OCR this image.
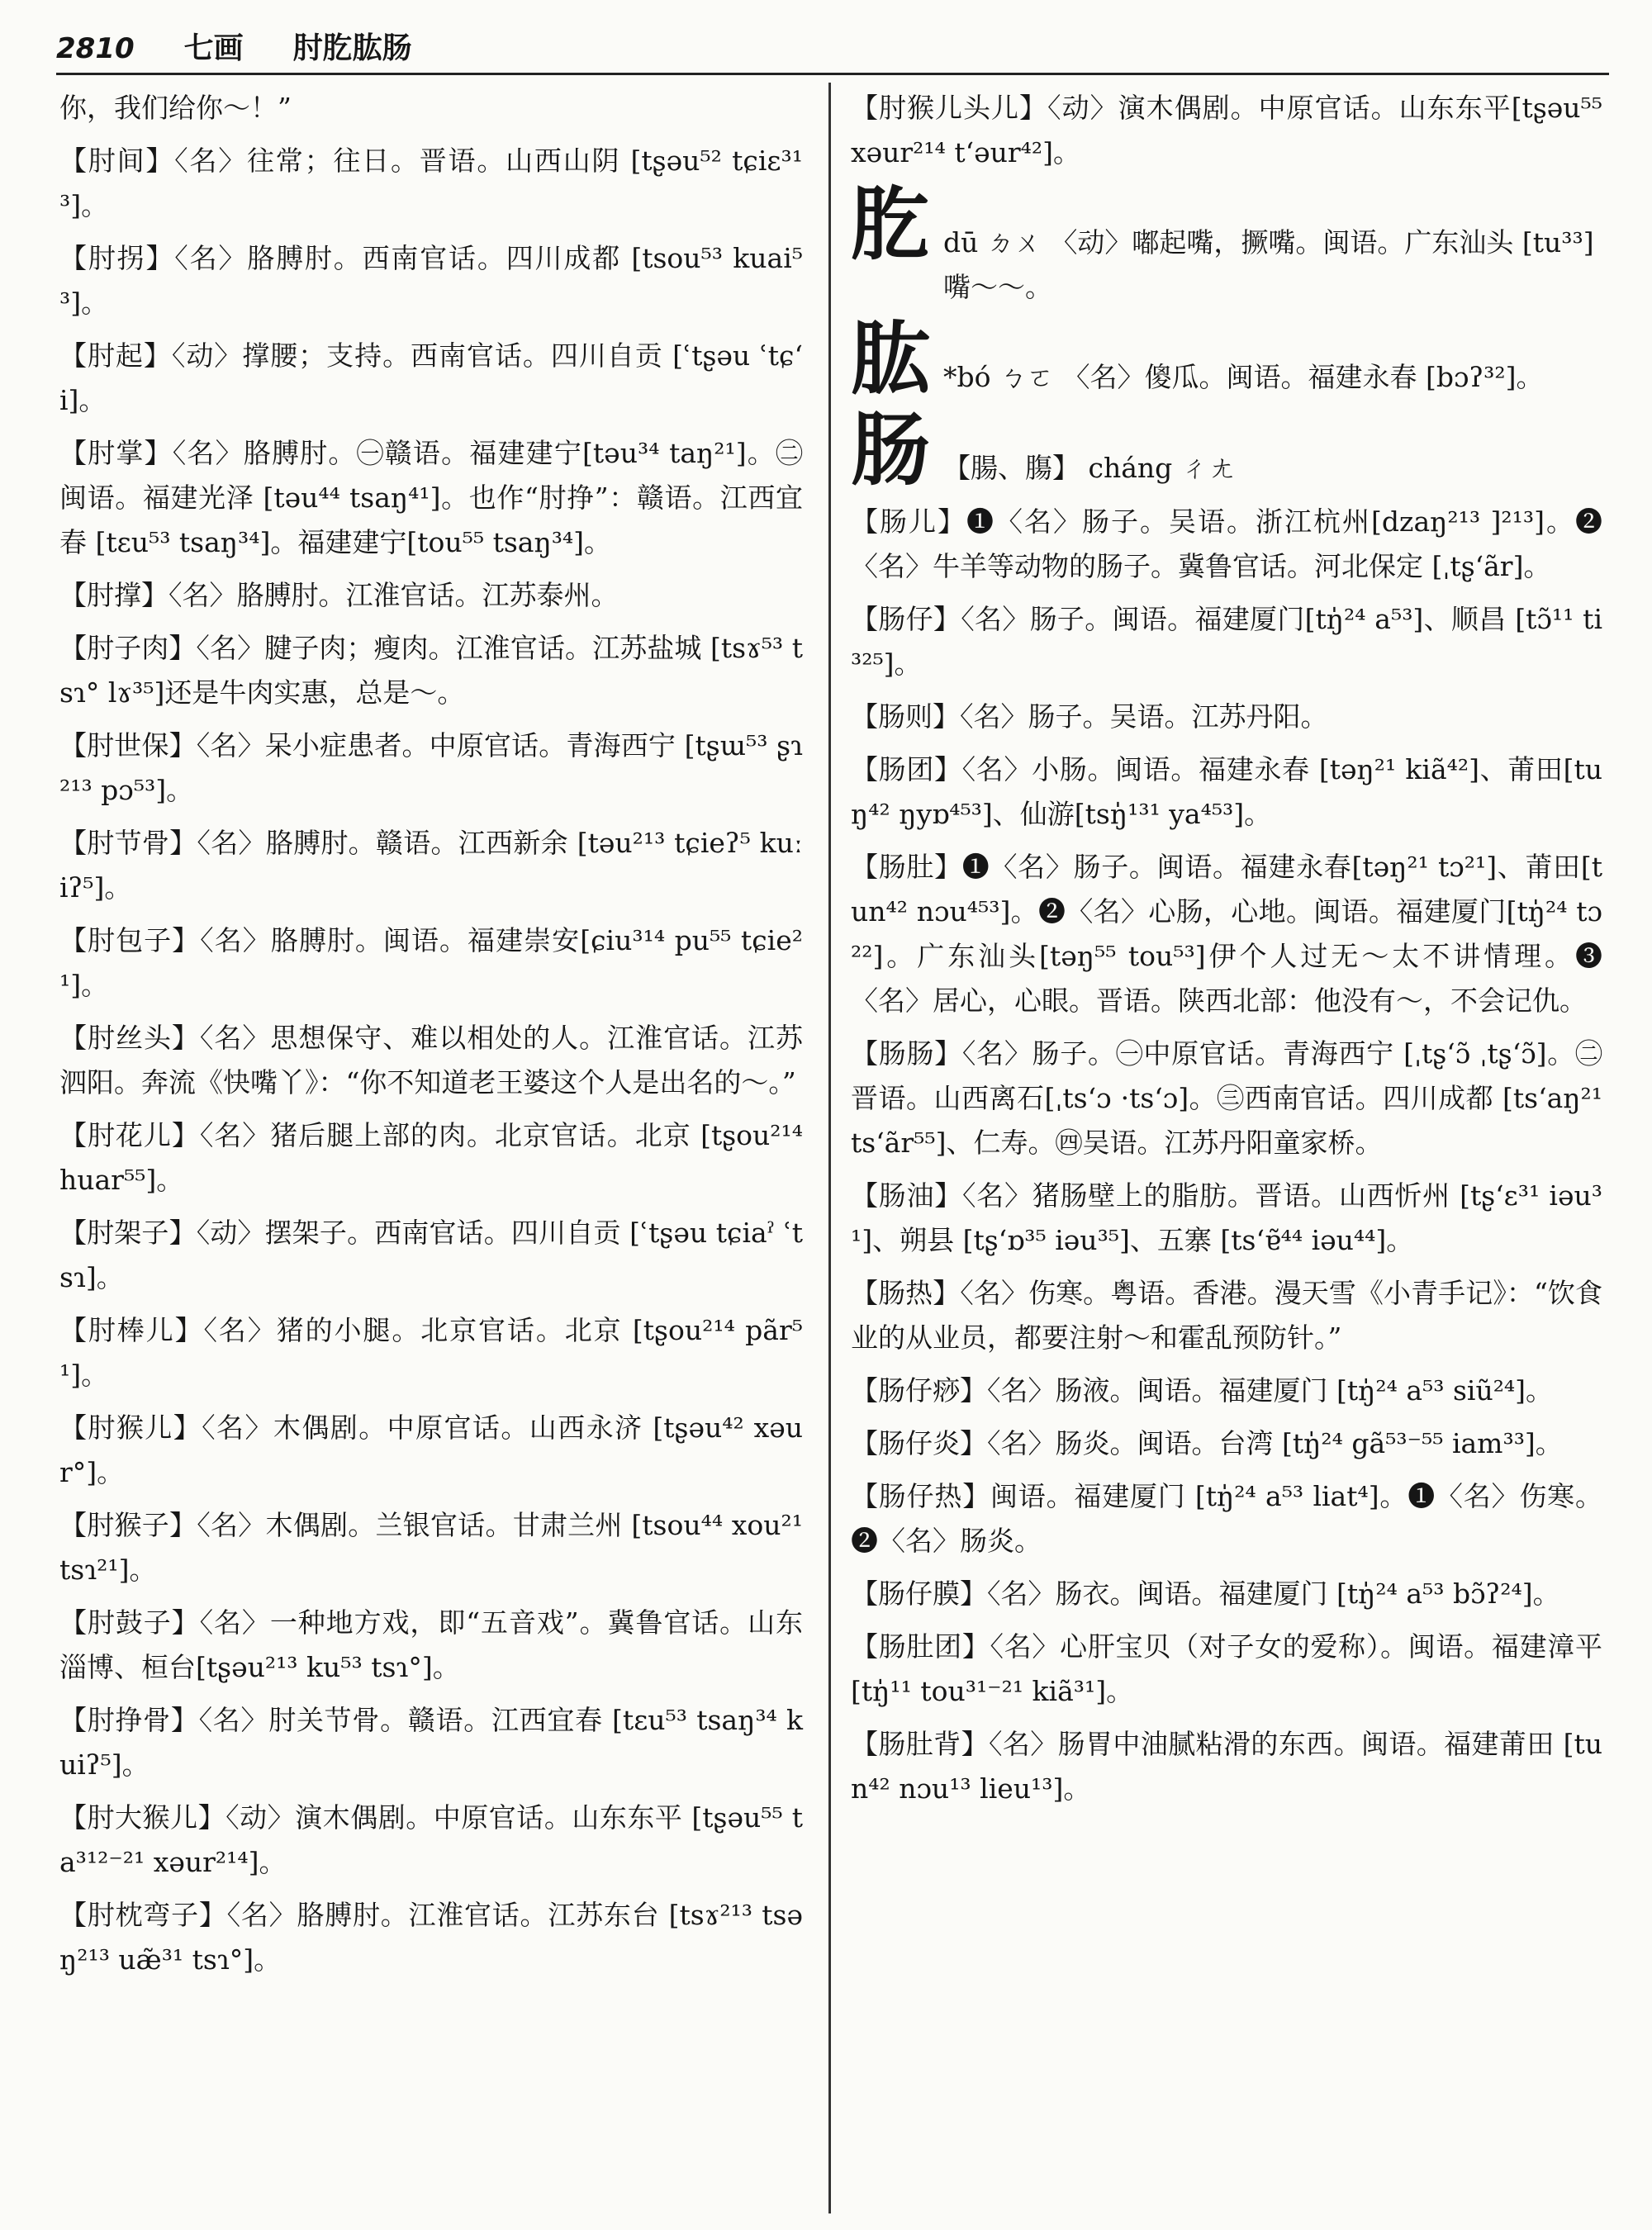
2810 七画 肘肐肱肠

你，我们给你～！”

【肘间】〈名〉往常；往日。晋语。山西山阴 [tʂəu⁵² tɕiɛ³¹³]。

【肘拐】〈名〉胳膊肘。西南官话。四川成都 [tsou⁵³ kuai⁵³]。

【肘起】〈动〉撑腰；支持。西南官话。四川自贡 [ʿtʂəu ʿtɕʻi]。

【肘掌】〈名〉胳膊肘。㊀赣语。福建建宁[təu³⁴ taŋ²¹]。㊁闽语。福建光泽 [təu⁴⁴ tsaŋ⁴¹]。也作“肘挣”：赣语。江西宜春 [tɛu⁵³ tsaŋ³⁴]。福建建宁[tou⁵⁵ tsaŋ³⁴]。

【肘撑】〈名〉胳膊肘。江淮官话。江苏泰州。

【肘子肉】〈名〉腱子肉；瘦肉。江淮官话。江苏盐城 [tsɤ⁵³ tsɿ° lɤ³⁵]还是牛肉实惠，总是～。

【肘世保】〈名〉呆小症患者。中原官话。青海西宁 [tʂɯ⁵³ ʂɿ²¹³ pɔ⁵³]。

【肘节骨】〈名〉胳膊肘。赣语。江西新余 [təu²¹³ tɕieʔ⁵ kuːiʔ⁵]。

【肘包子】〈名〉胳膊肘。闽语。福建崇安[ɕiu³¹⁴ pu⁵⁵ tɕie²¹]。

【肘丝头】〈名〉思想保守、难以相处的人。江淮官话。江苏泗阳。奔流《快嘴丫》：“你不知道老王婆这个人是出名的～。”

【肘花儿】〈名〉猪后腿上部的肉。北京官话。北京 [tʂou²¹⁴ huar⁵⁵]。

【肘架子】〈动〉摆架子。西南官话。四川自贡 [ʿtʂəu tɕiaˀ ʿtsɿ]。

【肘棒儿】〈名〉猪的小腿。北京官话。北京 [tʂou²¹⁴ pãr⁵¹]。

【肘猴儿】〈名〉木偶剧。中原官话。山西永济 [tʂəu⁴² xəur°]。

【肘猴子】〈名〉木偶剧。兰银官话。甘肃兰州 [tsou⁴⁴ xou²¹ tsɿ²¹]。

【肘鼓子】〈名〉一种地方戏，即“五音戏”。冀鲁官话。山东淄博、桓台[tʂəu²¹³ ku⁵³ tsɿ°]。

【肘挣骨】〈名〉肘关节骨。赣语。江西宜春 [tɛu⁵³ tsaŋ³⁴ kuiʔ⁵]。

【肘大猴儿】〈动〉演木偶剧。中原官话。山东东平 [tʂəu⁵⁵ ta³¹²⁻²¹ xəur²¹⁴]。

【肘枕弯子】〈名〉胳膊肘。江淮官话。江苏东台 [tsɤ²¹³ tsəŋ²¹³ uæ̃³¹ tsɿ°]。

【肘猴儿头儿】〈动〉演木偶剧。中原官话。山东东平[tʂəu⁵⁵ xəur²¹⁴ tʻəur⁴²]。

肐 dū ㄉㄨ 〈动〉嘟起嘴，撅嘴。闽语。广东汕头 [tu³³]嘴～～。
肱 *bó ㄅㄛ 〈名〉傻瓜。闽语。福建永春 [bɔʔ³²]。
肠 【腸、膓】 cháng ㄔㄤ

【肠儿】❶〈名〉肠子。吴语。浙江杭州[dzaŋ²¹³ ]²¹³]。❷〈名〉牛羊等动物的肠子。冀鲁官话。河北保定 [ˌtʂʻãr]。

【肠仔】〈名〉肠子。闽语。福建厦门[tŋ̍²⁴ a⁵³]、顺昌 [tɔ̃¹¹ ti³²⁵]。

【肠则】〈名〉肠子。吴语。江苏丹阳。

【肠团】〈名〉小肠。闽语。福建永春 [təŋ²¹ kiã⁴²]、莆田[tuŋ⁴² ŋyɒ⁴⁵³]、仙游[tsŋ̍¹³¹ ya⁴⁵³]。

【肠肚】❶〈名〉肠子。闽语。福建永春[təŋ²¹ tɔ²¹]、莆田[tun⁴² nɔu⁴⁵³]。❷〈名〉心肠，心地。闽语。福建厦门[tŋ̍²⁴ tɔ²²]。广东汕头[təŋ⁵⁵ tou⁵³]伊个人过无～太不讲情理。❸〈名〉居心，心眼。晋语。陕西北部：他没有～，不会记仇。

【肠肠】〈名〉肠子。㊀中原官话。青海西宁 [ˌtʂʻɔ̃ ˌtʂʻɔ̃]。㊁晋语。山西离石[ˌtsʻɔ ·tsʻɔ]。㊂西南官话。四川成都 [tsʻaŋ²¹ tsʻãr⁵⁵]、仁寿。㊃吴语。江苏丹阳童家桥。

【肠油】〈名〉猪肠壁上的脂肪。晋语。山西忻州 [tʂʻɛ³¹ iəu³¹]、朔县 [tʂʻɒ³⁵ iəu³⁵]、五寨 [tsʻɐ̃⁴⁴ iəu⁴⁴]。

【肠热】〈名〉伤寒。粤语。香港。漫天雪《小青手记》：“饮食业的从业员，都要注射～和霍乱预防针。”

【肠仔痧】〈名〉肠液。闽语。福建厦门 [tŋ̍²⁴ a⁵³ siũ²⁴]。

【肠仔炎】〈名〉肠炎。闽语。台湾 [tŋ̍²⁴ gã⁵³⁻⁵⁵ iam³³]。

【肠仔热】闽语。福建厦门 [tŋ̍²⁴ a⁵³ liat⁴]。❶〈名〉伤寒。❷〈名〉肠炎。

【肠仔膜】〈名〉肠衣。闽语。福建厦门 [tŋ̍²⁴ a⁵³ bɔ̃ʔ²⁴]。

【肠肚团】〈名〉心肝宝贝（对子女的爱称）。闽语。福建漳平[tŋ̍¹¹ tou³¹⁻²¹ kiã³¹]。

【肠肚背】〈名〉肠胃中油腻粘滑的东西。闽语。福建莆田 [tun⁴² nɔu¹³ lieu¹³]。
